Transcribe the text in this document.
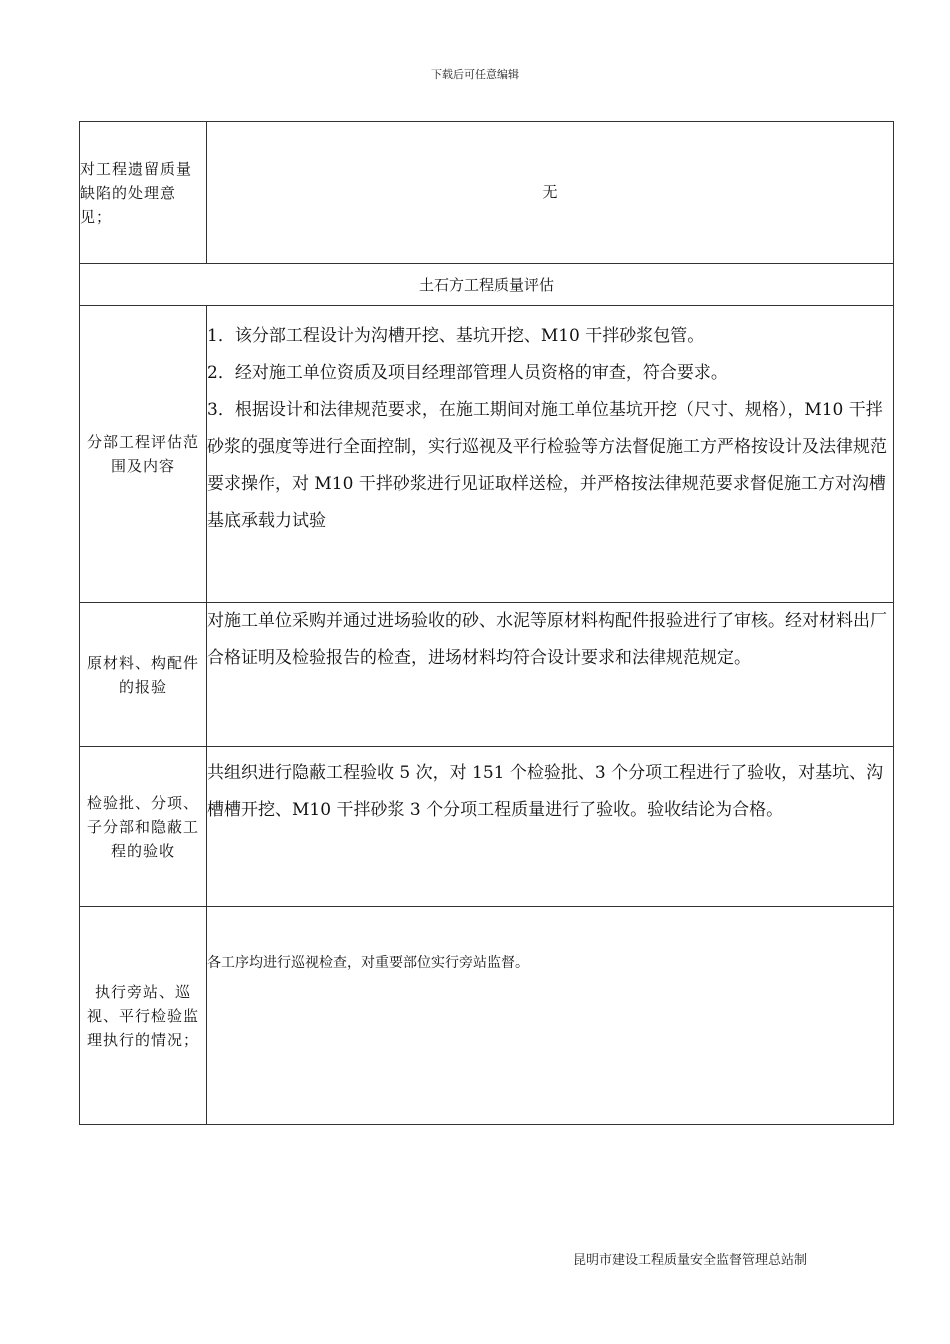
下载后可任意编辑
对工程遗留质量缺陷的处理意见；	无
土石方工程质量评估	
分部工程评估范围及内容	1．该分部工程设计为沟槽开挖、基坑开挖、M10 干拌砂浆包管。
2．经对施工单位资质及项目经理部管理人员资格的审查，符合要求。
3．根据设计和法律规范要求，在施工期间对施工单位基坑开挖（尺寸、规格），M10 干拌砂浆的强度等进行全面控制，实行巡视及平行检验等方法督促施工方严格按设计及法律规范要求操作，对 M10 干拌砂浆进行见证取样送检，并严格按法律规范要求督促施工方对沟槽基底承载力试验

原材料、构配件的报验	对施工单位采购并通过进场验收的砂、水泥等原材料构配件报验进行了审核。经对材料出厂合格证明及检验报告的检查，进场材料均符合设计要求和法律规范规定。
检验批、分项、子分部和隐蔽工程的验收	共组织进行隐蔽工程验收 5 次，对 151 个检验批、3 个分项工程进行了验收，对基坑、沟槽槽开挖、M10 干拌砂浆 3 个分项工程质量进行了验收。验收结论为合格。
执行旁站、巡视、平行检验监理执行的情况；	各工序均进行巡视检查，对重要部位实行旁站监督。
昆明市建设工程质量安全监督管理总站制
